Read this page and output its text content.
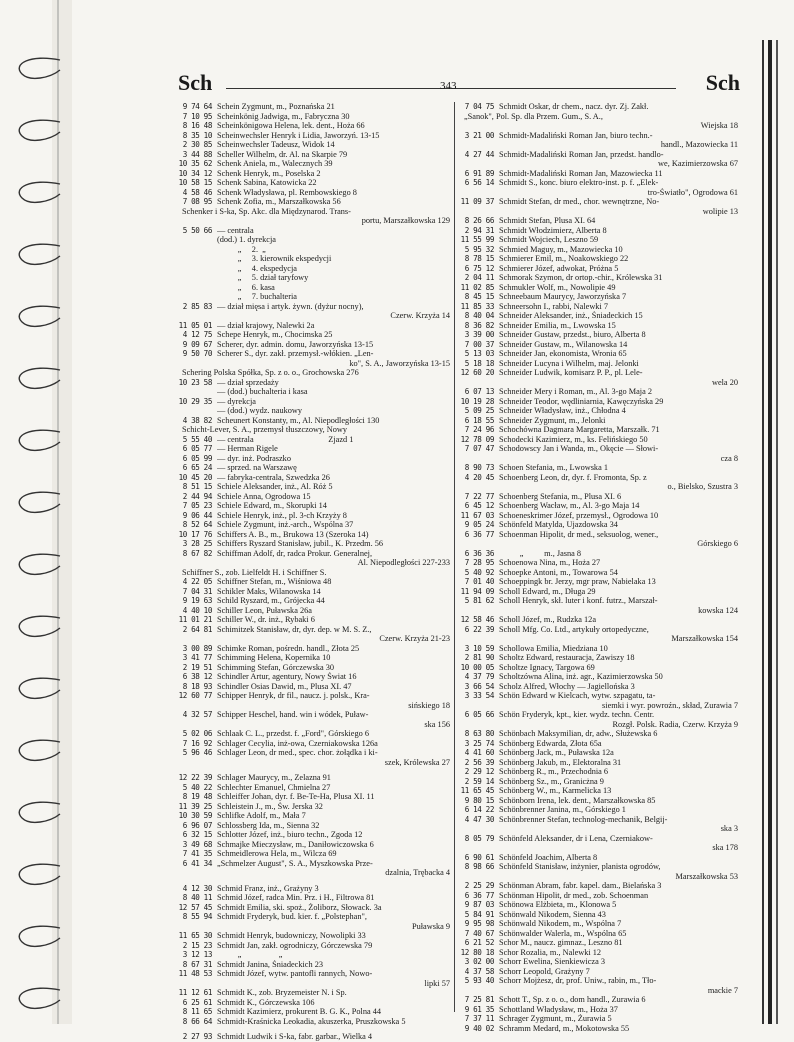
Sch	343	Sch
9 74 64 Schein Zygmunt, m., Poznańska 21
7 10 95 Scheinkönig Jadwiga, m., Fabryczna 30
8 16 48 Scheinkönigowa Helena, lek. dent., Hoża 66
8 35 10 Scheinwechsler Henryk i Lidia, Jaworzyń. 13-15
2 30 85 Scheinwechsler Tadeusz, Widok 14
3 44 88 Scheller Wilhelm, dr. Al. na Skarpie 79
10 35 62 Schenk Aniela, m., Walecznych 39
10 34 12 Schenk Henryk, m., Poselska 2
10 58 15 Schenk Sabina, Katowicka 22
4 58 46 Schenk Władysława, pl. Rembowskiego 8
7 08 95 Schenk Zofia, m., Marszałkowska 56
Schenker i S-ka, Sp. Akc. dla Międzynarod. Trans-
portu, Marszałkowska 129
5 50 66 — centrala
(dod.) 1. dyrekcja
„     2.  „
„     3. kierownik ekspedycji
„     4. ekspedycja
„     5. dział taryfowy
„     6. kasa
„     7. buchalteria
2 85 83 — dział mięsa i artyk. żywn. (dyżur nocny),
Czerw. Krzyża 14
11 05 01 — dział krajowy, Nalewki 2a
4 12 75 Schepe Henryk, m., Chocimska 25
9 09 67 Scherer, dyr. admin. domu, Jaworzyńska 13-15
9 50 70 Scherer S., dyr. zakł. przemysł.-włókien. „Len-
ko", S. A., Jaworzyńska 13-15
Schering Polska Spółka, Sp. z o. o., Grochowska 276
10 23 58 — dział sprzedaży
— (dod.) buchalteria i kasa
10 29 35 — dyrekcja
— (dod.) wydz. naukowy
4 38 82 Scheunert Konstanty, m., Al. Niepodległości 130
Schicht-Lever, S. A., przemysł tłuszczowy, Nowy
5 55 40 — centrala                                    Zjazd 1
6 05 77 — Herman Rigele
6 05 99 — dyr. inż. Podraszko
6 65 24 — sprzed. na Warszawę
10 45 20 — fabryka-centrala, Szwedzka 26
8 51 15 Schiele Aleksander, inż., Al. Róż 5
2 44 94 Schiele Anna, Ogrodowa 15
7 05 23 Schiele Edward, m., Skorupki 14
9 06 44 Schiele Henryk, inż., pl. 3-ch Krzyży 8
8 52 64 Schiele Zygmunt, inż.-arch., Wspólna 37
10 17 76 Schiffers A. B., m., Brukowa 13 (Szeroka 14)
3 28 25 Schiffers Ryszard Stanisław, jubil., K. Przedm. 56
8 67 82 Schiffman Adolf, dr, radca Prokur. Generalnej,
Al. Niepodległości 227-233
Schiffner S., zob. Lielfeldt H. i Schiffner S.
4 22 05 Schiffner Stefan, m., Wiśniowa 48
7 04 31 Schikler Maks, Wilanowska 14
9 19 63 Schild Ryszard, m., Grójecka 44
4 40 10 Schiller Leon, Puławska 26a
11 01 21 Schiller W., dr. inż., Rybaki 6
2 64 81 Schimitzek Stanisław, dr, dyr. dep. w M. S. Z.,
Czerw. Krzyża 21-23
3 00 89 Schimke Roman, pośredn. handl., Złota 25
3 41 77 Schimming Helena, Kopernika 10
2 19 51 Schimming Stefan, Górczewska 30
6 38 12 Schindler Artur, agentury, Nowy Świat 16
8 18 93 Schindler Osias Dawid, m., Plusa XI. 47
12 60 77 Schipper Henryk, dr fil., naucz. j. polsk., Kra-
sińskiego 18
4 32 57 Schipper Heschel, hand. win i wódek, Puław-
ska 156
5 02 06 Schlaak C. L., przedst. f. „Ford", Górskiego 6
7 16 92 Schlager Cecylia, inż-owa, Czerniakowska 126a
5 96 46 Schlager Leon, dr med., spec. chor. żołądka i ki-
szek, Królewska 27
12 22 39 Schlager Maurycy, m., Zelazna 91
5 40 22 Schlechter Emanuel, Chmielna 27
8 19 48 Schleiffer Johan, dyr. f. Be-Te-Ha, Plusa XI. 11
11 39 25 Schleistein J., m., Św. Jerska 32
10 30 59 Schlifke Adolf, m., Mała 7
6 96 07 Schlossberg Ida, m., Sienna 32
6 32 15 Schlotter Józef, inż., biuro techn., Zgoda 12
3 49 68 Schmajke Mieczysław, m., Daniłowiczowska 6
7 41 35 Schmeidlerowa Hela, m., Wilcza 69
6 41 34 „Schmelzer August", S. A., Myszkowska Prze-
dzalnia, Trębacka 4
4 12 30 Schmid Franz, inż., Grażyny 3
8 40 11 Schmid Józef, radca Min. Prz. i H., Filtrowa 81
12 57 45 Schmidt Emilia, ski. spoż., Żoliborz, Słowack. 3a
8 55 94 Schmidt Fryderyk, bud. kier. f. „Polstephan",
Puławska 9
11 65 30 Schmidt Henryk, budowniczy, Nowolipki 33
2 15 23 Schmidt Jan, zakł. ogrodniczy, Górczewska 79
3 12 13 „                  „
8 67 31 Schmidt Janina, Śniadeckich 23
11 48 53 Schmidt Józef, wytw. pantofli rannych, Nowo-
lipki 57
11 12 61 Schmidt K., zob. Bryzemeister N. i Sp.
6 25 61 Schmidt K., Górczewska 106
8 11 65 Schmidt Kazimierz, prokurent B. G. K., Polna 44
8 66 64 Schmidt-Kraśnicka Leokadia, akuszerka, Pruszkowska 5
2 27 93 Schmidt Ludwik i S-ka, fabr. garbar., Wielka 4
7 04 75 Schmidt Oskar, dr chem., nacz. dyr. Zj. Zakł.
„Sanok", Pol. Sp. dla Przem. Gum., S. A.,
Wiejska 18
3 21 00 Schmidt-Madaliński Roman Jan, biuro techn.-
handl., Mazowiecka 11
4 27 44 Schmidt-Madaliński Roman Jan, przedst. handlo-
we, Kazimierzowska 67
6 91 89 Schmidt-Madaliński Roman Jan, Mazowiecka 11
6 56 14 Schmidt S., konc. biuro elektro-inst. p. f. „Elek-
tro-Światło", Ogrodowa 61
11 09 37 Schmidt Stefan, dr med., chor. wewnętrzne, No-
wolipie 13
8 26 66 Schmidt Stefan, Plusa XI. 64
2 94 31 Schmidt Włodzimierz, Alberta 8
11 55 99 Schmidt Wojciech, Leszno 59
5 95 32 Schmied Maguy, m., Mazowiecka 10
8 78 15 Schmierer Emil, m., Noakowskiego 22
6 75 12 Schmierer Józef, adwokat, Próżna 5
2 04 11 Schmorak Szymon, dr ortop.-chir., Królewska 31
11 02 85 Schmukler Wolf, m., Nowolipie 49
8 45 15 Schneebaum Maurycy, Jaworzyńska 7
11 85 33 Schneersohn I., rabbi, Nalewki 7
8 40 04 Schneider Aleksander, inż., Śniadeckich 15
8 36 82 Schneider Emilia, m., Lwowska 15
3 39 00 Schneider Gustaw, przedst., biuro, Alberta 8
7 00 37 Schneider Gustaw, m., Wilanowska 14
5 13 03 Schneider Jan, ekonomista, Wronia 65
5 18 18 Schneider Lucyna i Wilhelm, maj. Jelonki
12 60 20 Schneider Ludwik, komisarz P. P., pl. Lele-
wela 20
6 07 13 Schneider Mery i Roman, m., Al. 3-go Maja 2
10 19 28 Schneider Teodor, wędliniarnia, Kawęczyńska 29
5 09 25 Schneider Władysław, inż., Chłodna 4
6 18 55 Schneider Zygmunt, m., Jelonki
7 24 96 Schochówna Dagmara Margaretta, Marszałk. 71
12 78 09 Schodecki Kazimierz, m., ks. Felińskiego 50
7 07 47 Schodowscy Jan i Wanda, m., Okęcie — Słowi-
cza 8
8 90 73 Schoen Stefania, m., Lwowska 1
4 20 45 Schoenberg Leon, dr, dyr. f. Fromonta, Sp. z
o., Bielsko, Szustra 3
7 22 77 Schoenberg Stefania, m., Plusa XI. 6
6 45 12 Schoenberg Wacław, m., Al. 3-go Maja 14
11 67 03 Schoeneskrimer Józef, przemysł., Ogrodowa 10
9 05 24 Schönfeld Matylda, Ujazdowska 34
6 36 77 Schoenman Hipolit, dr med., seksuolog, wener.,
Górskiego 6
6 36 36 „          m., Jasna 8
7 28 95 Schoenowa Nina, m., Hoża 27
5 40 92 Schoepke Antoni, m., Towarowa 54
7 01 40 Schoeppingk br. Jerzy, mgr praw, Nabielaka 13
11 94 09 Scholl Edward, m., Długa 29
5 81 62 Scholl Henryk, skł. luter i konf. futrz., Marszał-
kowska 124
12 58 46 Scholl Józef, m., Rudzka 12a
6 22 39 Scholl Mfg. Co. Ltd., artykuły ortopedyczne,
Marszałkowska 154
3 10 59 Schollowa Emilia, Miedziana 10
2 81 90 Scholtz Edward, restauracja, Zawiszy 18
10 00 05 Scholtze Ignacy, Targowa 69
4 37 79 Scholtzówna Alina, inż. agr., Kazimierzowska 50
3 66 54 Scholz Alfred, Włochy — Jagiellońska 3
3 33 54 Schön Edward w Kielcach, wytw. szpagatu, ta-
siemki i wyr. powroźn., skład, Zurawia 7
6 05 66 Schön Fryderyk, kpt., kier. wydz. techn. Centr.
Rozgł. Polsk. Radia, Czerw. Krzyża 9
8 63 80 Schönbach Maksymilian, dr, adw., Służewska 6
3 25 74 Schönberg Edwarda, Złota 65a
4 41 60 Schönberg Jack, m., Puławska 12a
2 56 39 Schönberg Jakub, m., Elektoralna 31
2 29 12 Schönberg R., m., Przechodnia 6
2 59 14 Schönberg Sz., m., Granicżna 9
11 65 45 Schönberg W., m., Karmelicka 13
9 80 15 Schönborn Irena, lek. dent., Marszałkowska 85
6 14 22 Schönbrenner Janina, m., Górskiego 1
4 47 30 Schönbrenner Stefan, technolog-mechanik, Belgij-
ska 3
8 05 79 Schönfeld Aleksander, dr i Lena, Czerniakow-
ska 178
6 90 61 Schönfeld Joachim, Alberta 8
8 98 66 Schönfeld Stanisław, inżynier, planista ogrodów,
Marszałkowska 53
2 25 29 Schönman Abram, fabr. kapel. dam., Bielańska 3
6 36 77 Schönman Hipolit, dr med., zob. Schoenman
9 87 03 Schönowa Elżbieta, m., Klonowa 5
5 84 91 Schönwald Nikodem, Sienna 43
9 95 98 Schönwald Nikodem, m., Wspólna 7
7 40 67 Schönwalder Walerla, m., Wspólna 65
6 21 52 Schor M., naucz. gimnaz., Leszno 81
12 80 18 Schor Rozalia, m., Nalewki 12
3 02 00 Schorr Ewelina, Sienkiewicza 3
4 37 58 Schorr Leopold, Grażyny 7
5 93 40 Schorr Mojżesz, dr, prof. Uniw., rabin, m., Tło-
mackie 7
7 25 81 Schott T., Sp. z o. o., dom handl., Zurawia 6
9 61 35 Schottland Władysław, m., Hoża 37
7 37 11 Schrager Zygmunt, m., Żurawia 5
9 40 02 Schramm Medard, m., Mokotowska 55
